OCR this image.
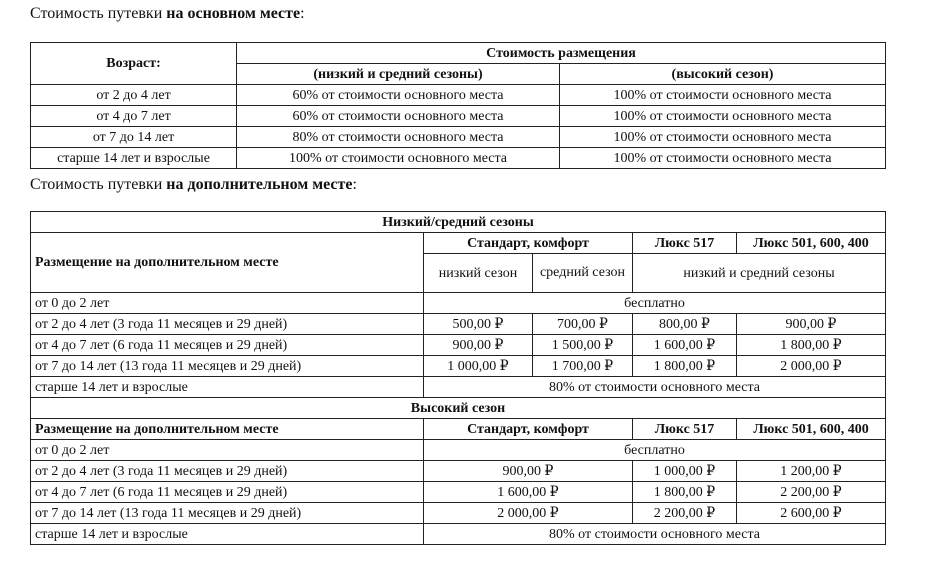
Стоимость путевки на основном месте:
Возраст:	Стоимость размещения	
	(низкий и средний сезоны)	(высокий сезон)
от 2 до 4 лет	60% от стоимости основного места	100% от стоимости основного места
от 4 до 7 лет	60% от стоимости основного места	100% от стоимости основного места
от 7 до 14 лет	80% от стоимости основного места	100% от стоимости основного места
старше 14 лет и взрослые	100% от стоимости основного места	100% от стоимости основного места
Стоимость путевки на дополнительном месте:
Низкий/средний сезоны				
Размещение на дополнительном месте	Стандарт, комфорт		Люкс 517	Люкс 501, 600, 400
	низкий сезон	средний сезон	низкий и средний сезоны	
от 0 до 2 лет	бесплатно			
от 2 до 4 лет (3 года 11 месяцев и 29 дней)	500,00 ₽	700,00 ₽	800,00 ₽	900,00 ₽
от 4 до 7 лет (6 года 11 месяцев и 29 дней)	900,00 ₽	1 500,00 ₽	1 600,00 ₽	1 800,00 ₽
от 7 до 14 лет (13 года 11 месяцев и 29 дней)	1 000,00 ₽	1 700,00 ₽	1 800,00 ₽	2 000,00 ₽
старше 14 лет и взрослые	80% от стоимости основного места			
Высокий сезон				
Размещение на дополнительном месте	Стандарт, комфорт		Люкс 517	Люкс 501, 600, 400
от 0 до 2 лет	бесплатно			
от 2 до 4 лет (3 года 11 месяцев и 29 дней)	900,00 ₽		1 000,00 ₽	1 200,00 ₽
от 4 до 7 лет (6 года 11 месяцев и 29 дней)	1 600,00 ₽		1 800,00 ₽	2 200,00 ₽
от 7 до 14 лет (13 года 11 месяцев и 29 дней)	2 000,00 ₽		2 200,00 ₽	2 600,00 ₽
старше 14 лет и взрослые	80% от стоимости основного места			
